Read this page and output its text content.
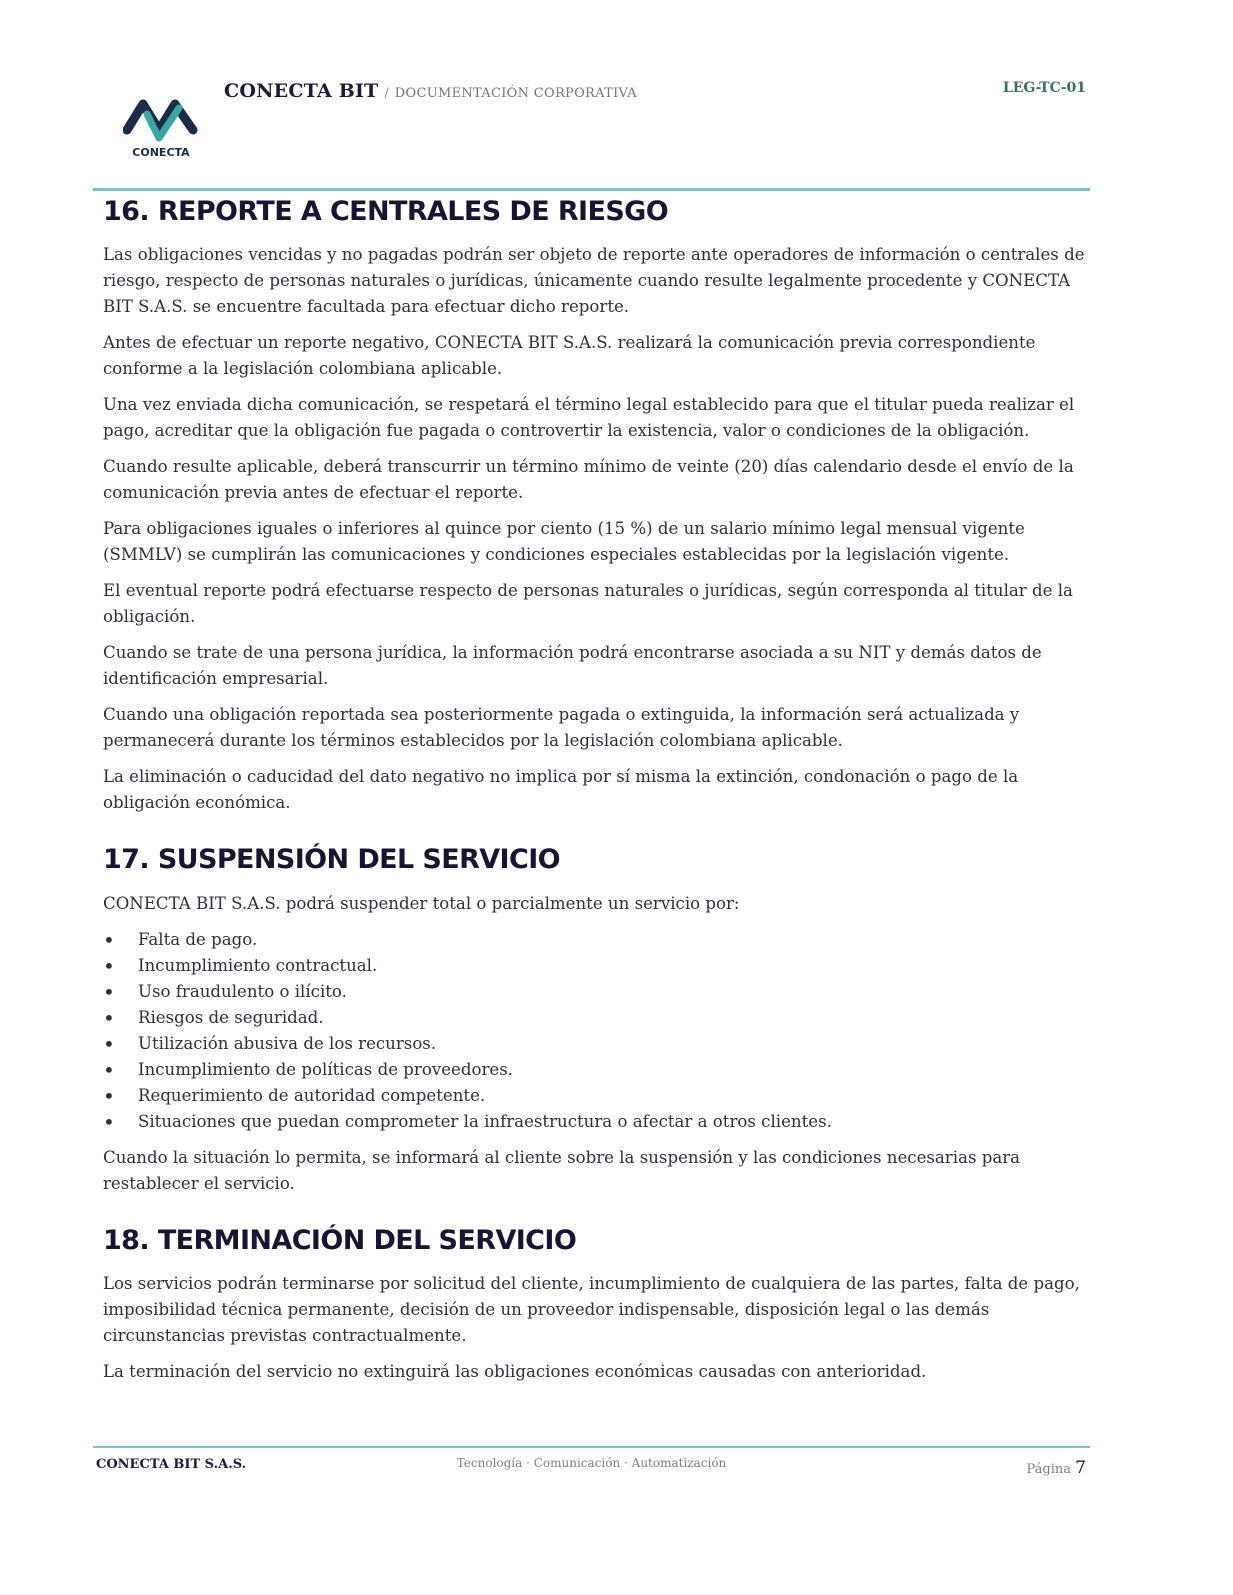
CONECTA
CONECTA BIT / DOCUMENTACIÓN CORPORATIVA	LEG-TC-01
16. REPORTE A CENTRALES DE RIESGO

Las obligaciones vencidas y no pagadas podrán ser objeto de reporte ante operadores de información o centrales de riesgo, respecto de personas naturales o jurídicas, únicamente cuando resulte legalmente procedente y CONECTA BIT S.A.S. se encuentre facultada para efectuar dicho reporte.

Antes de efectuar un reporte negativo, CONECTA BIT S.A.S. realizará la comunicación previa correspondiente conforme a la legislación colombiana aplicable.

Una vez enviada dicha comunicación, se respetará el término legal establecido para que el titular pueda realizar el pago, acreditar que la obligación fue pagada o controvertir la existencia, valor o condiciones de la obligación.

Cuando resulte aplicable, deberá transcurrir un término mínimo de veinte (20) días calendario desde el envío de la comunicación previa antes de efectuar el reporte.

Para obligaciones iguales o inferiores al quince por ciento (15 %) de un salario mínimo legal mensual vigente (SMMLV) se cumplirán las comunicaciones y condiciones especiales establecidas por la legislación vigente.

El eventual reporte podrá efectuarse respecto de personas naturales o jurídicas, según corresponda al titular de la obligación.

Cuando se trate de una persona jurídica, la información podrá encontrarse asociada a su NIT y demás datos de identificación empresarial.

Cuando una obligación reportada sea posteriormente pagada o extinguida, la información será actualizada y permanecerá durante los términos establecidos por la legislación colombiana aplicable.

La eliminación o caducidad del dato negativo no implica por sí misma la extinción, condonación o pago de la obligación económica.

17. SUSPENSIÓN DEL SERVICIO

CONECTA BIT S.A.S. podrá suspender total o parcialmente un servicio por:

• Falta de pago.
• Incumplimiento contractual.
• Uso fraudulento o ilícito.
• Riesgos de seguridad.
• Utilización abusiva de los recursos.
• Incumplimiento de políticas de proveedores.
• Requerimiento de autoridad competente.
• Situaciones que puedan comprometer la infraestructura o afectar a otros clientes.

Cuando la situación lo permita, se informará al cliente sobre la suspensión y las condiciones necesarias para restablecer el servicio.

18. TERMINACIÓN DEL SERVICIO

Los servicios podrán terminarse por solicitud del cliente, incumplimiento de cualquiera de las partes, falta de pago, imposibilidad técnica permanente, decisión de un proveedor indispensable, disposición legal o las demás circunstancias previstas contractualmente.

La terminación del servicio no extinguirá las obligaciones económicas causadas con anterioridad.

CONECTA BIT S.A.S.	Tecnología · Comunicación · Automatización	Página 7
